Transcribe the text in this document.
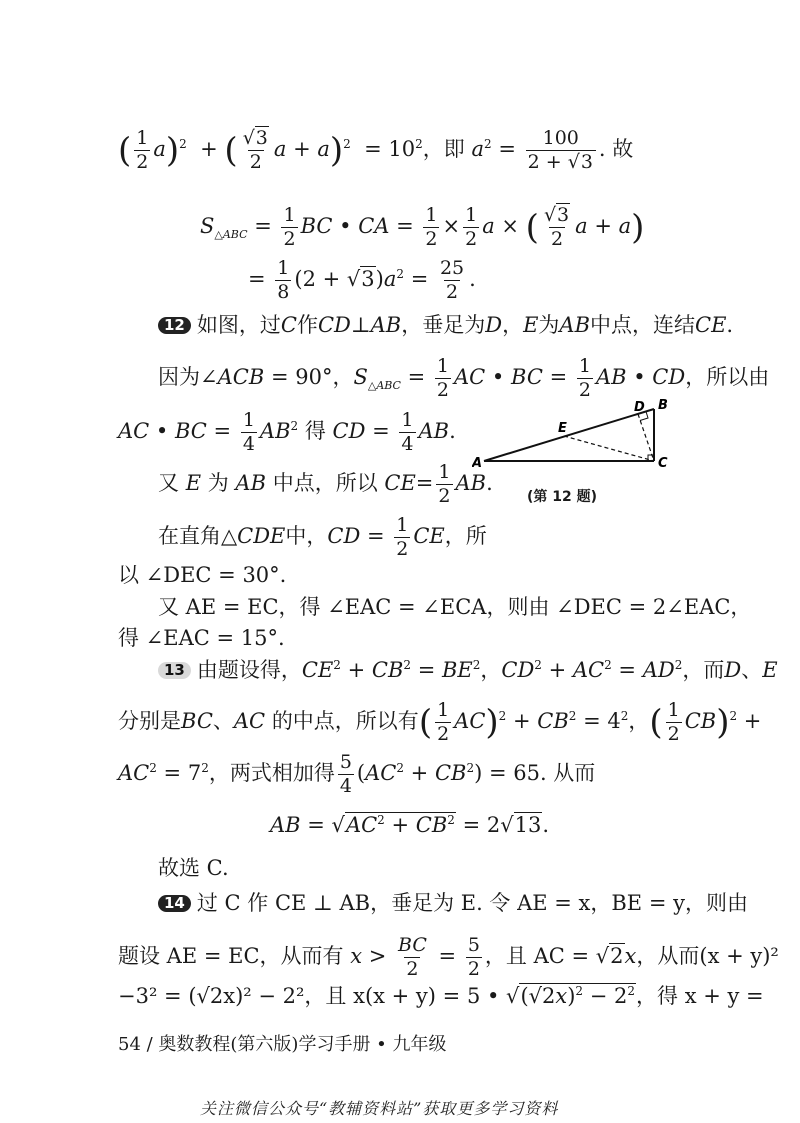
( $\frac{1}{2} a)^2$  + ( $\frac{√3}{2}$ $a + a)^2 = 10^2$，即 $a^2 = \frac{100}{2 + √3}$ . 故
$S_{\triangle ABC} = \frac{1}{2}$ BC • CA = $\frac{1}{2} \times \frac{1}{2}$ a × ( $\frac{√3}{2}$ a + a)
= $\frac{1}{8} (2 + √3)a^2 = \frac{25}{2}$ .
12 如图，过C作CD⊥AB，垂足为D，E为AB中点，连结CE.
因为∠ACB = 90°，$S_{\triangle ABC} = \frac{1}{2}$ AC • BC = $\frac{1}{2}$ AB • CD，所以由
AC • BC = $\frac{1}{4} AB^2$ 得 CD = $\frac{1}{4}$ AB.
又 E 为 AB 中点，所以 $CE= \frac{1}{2}$ AB.
在直角△CDE中，CD = $\frac{1}{2}$ CE，所
以 ∠DEC = 30°.
又 AE = EC，得 ∠EAC = ∠ECA，则由 ∠DEC = 2∠EAC，
得 ∠EAC = 15°.
A
B
C
D
E
(第 12 题)
13 由题设得，$CE^2 + CB^2 = BE^2$，$CD^2 + AC^2 = AD^2$，而D、E
分别是BC、AC 的中点，所以有( $\frac{1}{2} AC)^2 + CB^2 = 4^2$，( $\frac{1}{2} CB)^2$ +
$AC^2 = 7^2$，两式相加得 $\frac{5}{4} (AC^2 + CB^2) = 65$. 从而
AB = $√AC^2 + CB^2 = 2√13$.
故选 C.
14 过 C 作 CE ⊥ AB，垂足为 E. 令 AE = x，BE = y，则由
题设 AE = EC，从而有 $x > \frac{BC}{2} = \frac{5}{2}$ ，且 AC = √2x，从而(x + y)²
−3² = (√2x)² − 2²，且 x(x + y) = 5 • $√(√2x)^2 - 2^2$，得 x + y =
54 / 奥数教程(第六版)学习手册 • 九年级
关注微信公众号“教辅资料站”获取更多学习资料
